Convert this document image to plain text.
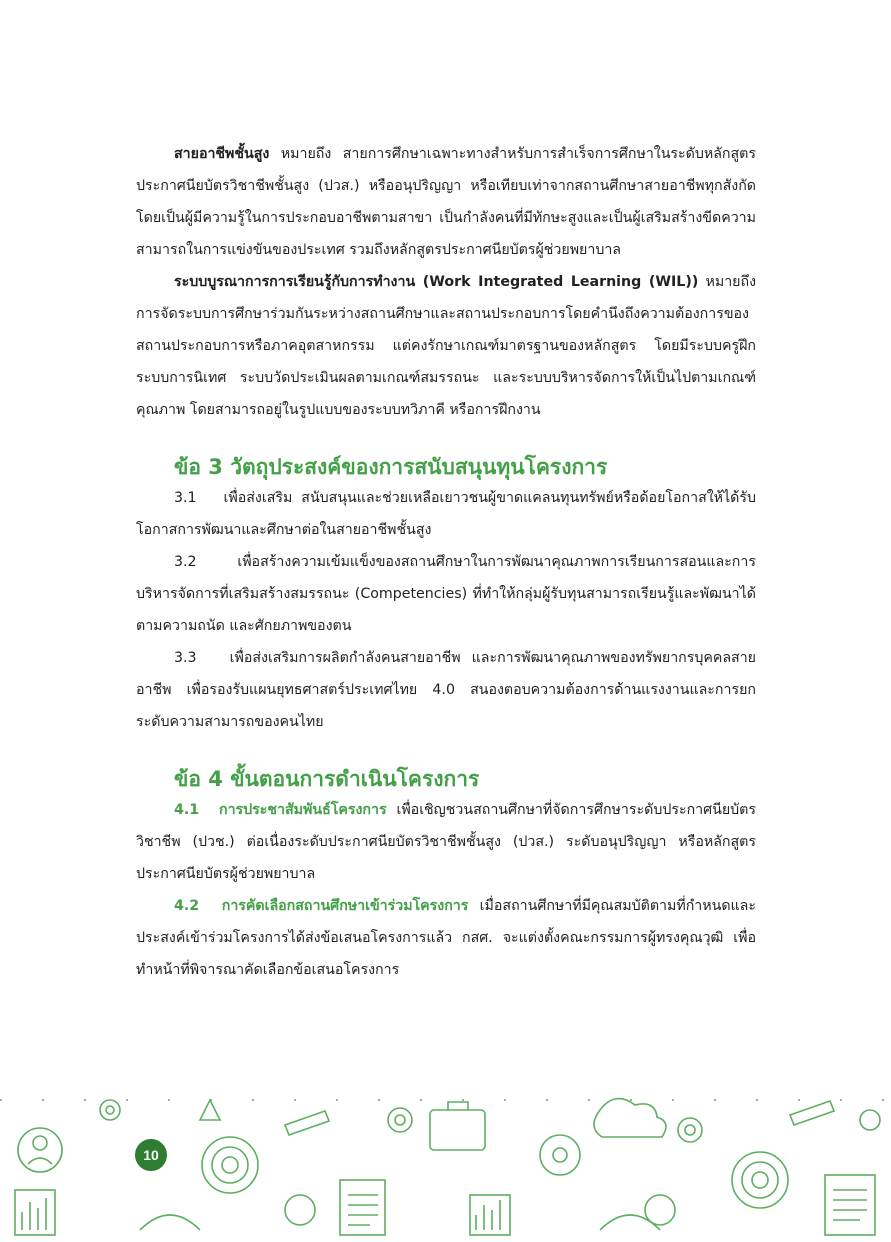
สายอาชีพชั้นสูง หมายถึง สายการศึกษาเฉพาะทางสำหรับการสำเร็จการศึกษาในระดับหลักสูตรประกาศนียบัตรวิชาชีพชั้นสูง (ปวส.) หรืออนุปริญญา หรือเทียบเท่าจากสถานศึกษาสายอาชีพทุกสังกัด โดยเป็นผู้มีความรู้ในการประกอบอาชีพตามสาขา เป็นกำลังคนที่มีทักษะสูงและเป็นผู้เสริมสร้างขีดความสามารถในการแข่งขันของประเทศ รวมถึงหลักสูตรประกาศนียบัตรผู้ช่วยพยาบาล

ระบบบูรณาการการเรียนรู้กับการทำงาน (Work Integrated Learning (WIL)) หมายถึงการจัดระบบการศึกษาร่วมกันระหว่างสถานศึกษาและสถานประกอบการโดยคำนึงถึงความต้องการของสถานประกอบการหรือภาคอุตสาหกรรม แต่คงรักษาเกณฑ์มาตรฐานของหลักสูตร โดยมีระบบครูฝึก ระบบการนิเทศ ระบบวัดประเมินผลตามเกณฑ์สมรรถนะ และระบบบริหารจัดการให้เป็นไปตามเกณฑ์คุณภาพ โดยสามารถอยู่ในรูปแบบของระบบทวิภาคี หรือการฝึกงาน

ข้อ 3 วัตถุประสงค์ของการสนับสนุนทุนโครงการ

3.1 เพื่อส่งเสริม สนับสนุนและช่วยเหลือเยาวชนผู้ขาดแคลนทุนทรัพย์หรือด้อยโอกาสให้ได้รับโอกาสการพัฒนาและศึกษาต่อในสายอาชีพชั้นสูง

3.2	เพื่อสร้างความเข้มแข็งของสถานศึกษาในการพัฒนาคุณภาพการเรียนการสอนและการบริหารจัดการที่เสริมสร้างสมรรถนะ (Competencies) ที่ทำให้กลุ่มผู้รับทุนสามารถเรียนรู้และพัฒนาได้ตามความถนัด และศักยภาพของตน

3.3 เพื่อส่งเสริมการผลิตกำลังคนสายอาชีพ และการพัฒนาคุณภาพของทรัพยากรบุคคลสายอาชีพ เพื่อรองรับแผนยุทธศาสตร์ประเทศไทย 4.0 สนองตอบความต้องการด้านแรงงานและการยกระดับความสามารถของคนไทย

ข้อ 4 ขั้นตอนการดำเนินโครงการ

4.1 การประชาสัมพันธ์โครงการ เพื่อเชิญชวนสถานศึกษาที่จัดการศึกษาระดับประกาศนียบัตรวิชาชีพ (ปวช.) ต่อเนื่องระดับประกาศนียบัตรวิชาชีพชั้นสูง (ปวส.) ระดับอนุปริญญา หรือหลักสูตรประกาศนียบัตรผู้ช่วยพยาบาล

4.2 การคัดเลือกสถานศึกษาเข้าร่วมโครงการ เมื่อสถานศึกษาที่มีคุณสมบัติตามที่กำหนดและประสงค์เข้าร่วมโครงการได้ส่งข้อเสนอโครงการแล้ว กสศ. จะแต่งตั้งคณะกรรมการผู้ทรงคุณวุฒิ เพื่อทำหน้าที่พิจารณาคัดเลือกข้อเสนอโครงการ

10
